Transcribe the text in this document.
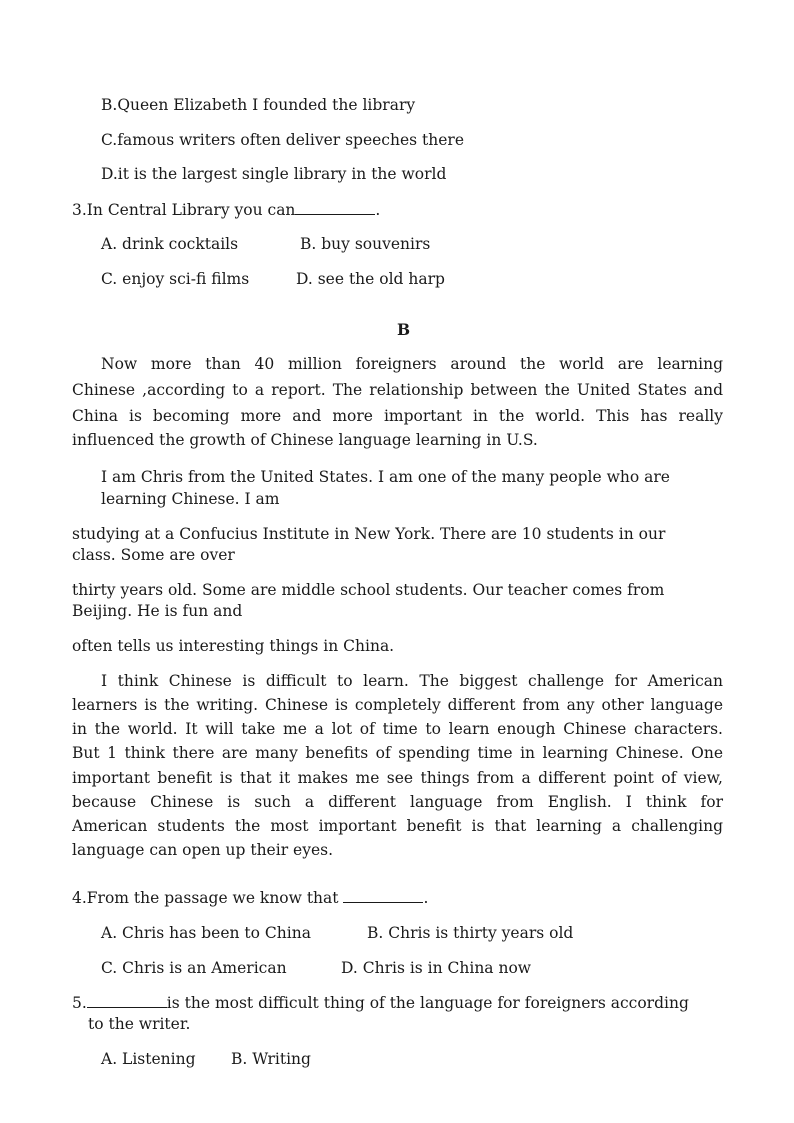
B.Queen Elizabeth I founded the library
C.famous writers often deliver speeches there
D.it is the largest single library in the world
3.In Central Library you can	.
A. drink cocktails	B. buy souvenirs
C. enjoy sci-fi films	D. see the old harp
B
Now more than 40 million foreigners around the world are learning
Chinese ,according to a report. The relationship between the United States and
China is becoming more and more important in the world. This has really
influenced the growth of Chinese language learning in U.S.
I am Chris from the United States. I am one of the many people who are
learning Chinese. I am
studying at a Confucius Institute in New York. There are 10 students in our
class. Some are over
thirty years old. Some are middle school students. Our teacher comes from
Beijing. He is fun and
often tells us interesting things in China.
I think Chinese is difficult to learn. The biggest challenge for American
learners is the writing. Chinese is completely different from any other language
in the world. It will take me a lot of time to learn enough Chinese characters.
But 1 think there are many benefits of spending time in learning Chinese. One
important benefit is that it makes me see things from a different point of view,
because Chinese is such a different language from English. I think for
American students the most important benefit is that learning a challenging
language can open up their eyes.
4.From the passage we know that	.
A. Chris has been to China	B. Chris is thirty years old
C. Chris is an American	D. Chris is in China now
5.	is the most difficult thing of the language for foreigners according
to the writer.
A. Listening B. Writing
